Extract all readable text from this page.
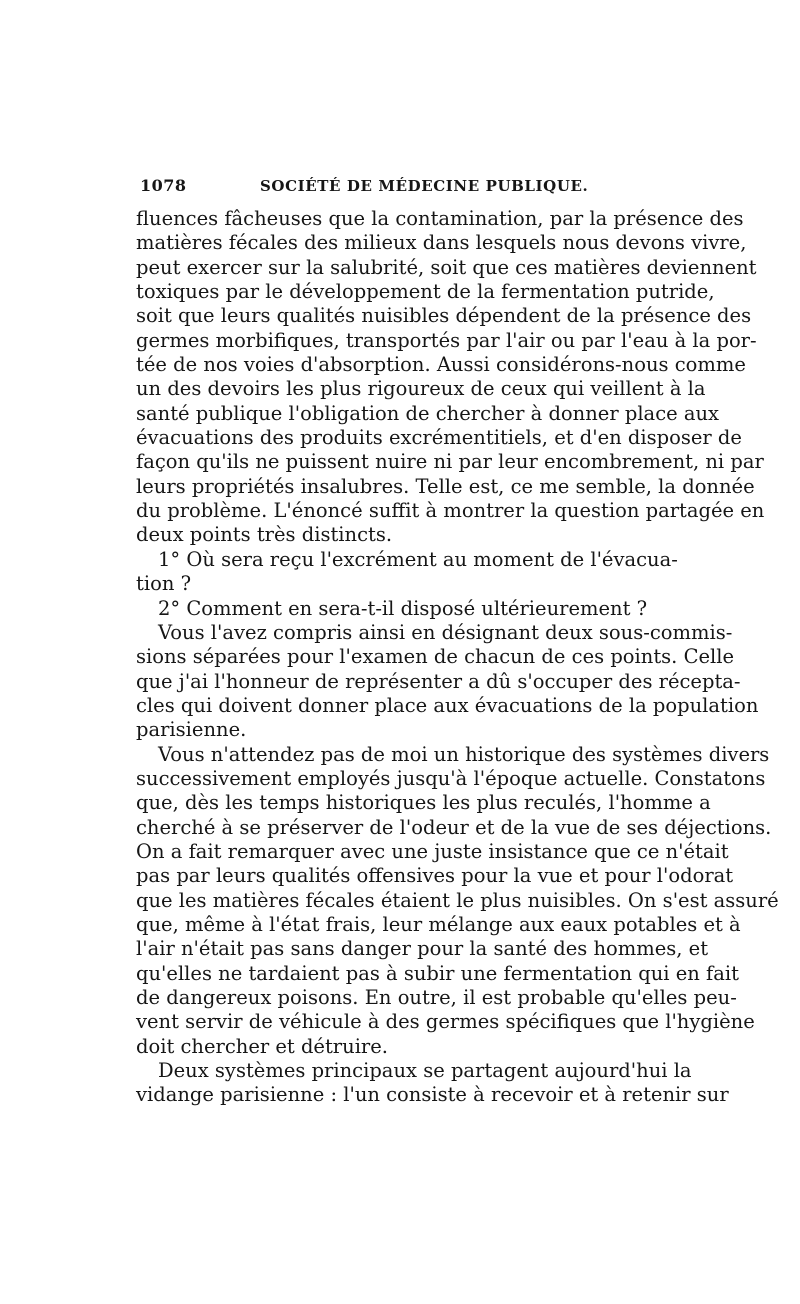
1078	SOCIÉTÉ DE MÉDECINE PUBLIQUE.
fluences fâcheuses que la contamination, par la présence des
matières fécales des milieux dans lesquels nous devons vivre,
peut exercer sur la salubrité, soit que ces matières deviennent
toxiques par le développement de la fermentation putride,
soit que leurs qualités nuisibles dépendent de la présence des
germes morbifiques, transportés par l'air ou par l'eau à la por-
tée de nos voies d'absorption. Aussi considérons-nous comme
un des devoirs les plus rigoureux de ceux qui veillent à la
santé publique l'obligation de chercher à donner place aux
évacuations des produits excrémentitiels, et d'en disposer de
façon qu'ils ne puissent nuire ni par leur encombrement, ni par
leurs propriétés insalubres. Telle est, ce me semble, la donnée
du problème. L'énoncé suffit à montrer la question partagée en
deux points très distincts.
1° Où sera reçu l'excrément au moment de l'évacua-
tion ?
2° Comment en sera-t-il disposé ultérieurement ?
Vous l'avez compris ainsi en désignant deux sous-commis-
sions séparées pour l'examen de chacun de ces points. Celle
que j'ai l'honneur de représenter a dû s'occuper des récepta-
cles qui doivent donner place aux évacuations de la population
parisienne.
Vous n'attendez pas de moi un historique des systèmes divers
successivement employés jusqu'à l'époque actuelle. Constatons
que, dès les temps historiques les plus reculés, l'homme a
cherché à se préserver de l'odeur et de la vue de ses déjections.
On a fait remarquer avec une juste insistance que ce n'était
pas par leurs qualités offensives pour la vue et pour l'odorat
que les matières fécales étaient le plus nuisibles. On s'est assuré
que, même à l'état frais, leur mélange aux eaux potables et à
l'air n'était pas sans danger pour la santé des hommes, et
qu'elles ne tardaient pas à subir une fermentation qui en fait
de dangereux poisons. En outre, il est probable qu'elles peu-
vent servir de véhicule à des germes spécifiques que l'hygiène
doit chercher et détruire.
Deux systèmes principaux se partagent aujourd'hui la
vidange parisienne : l'un consiste à recevoir et à retenir sur
